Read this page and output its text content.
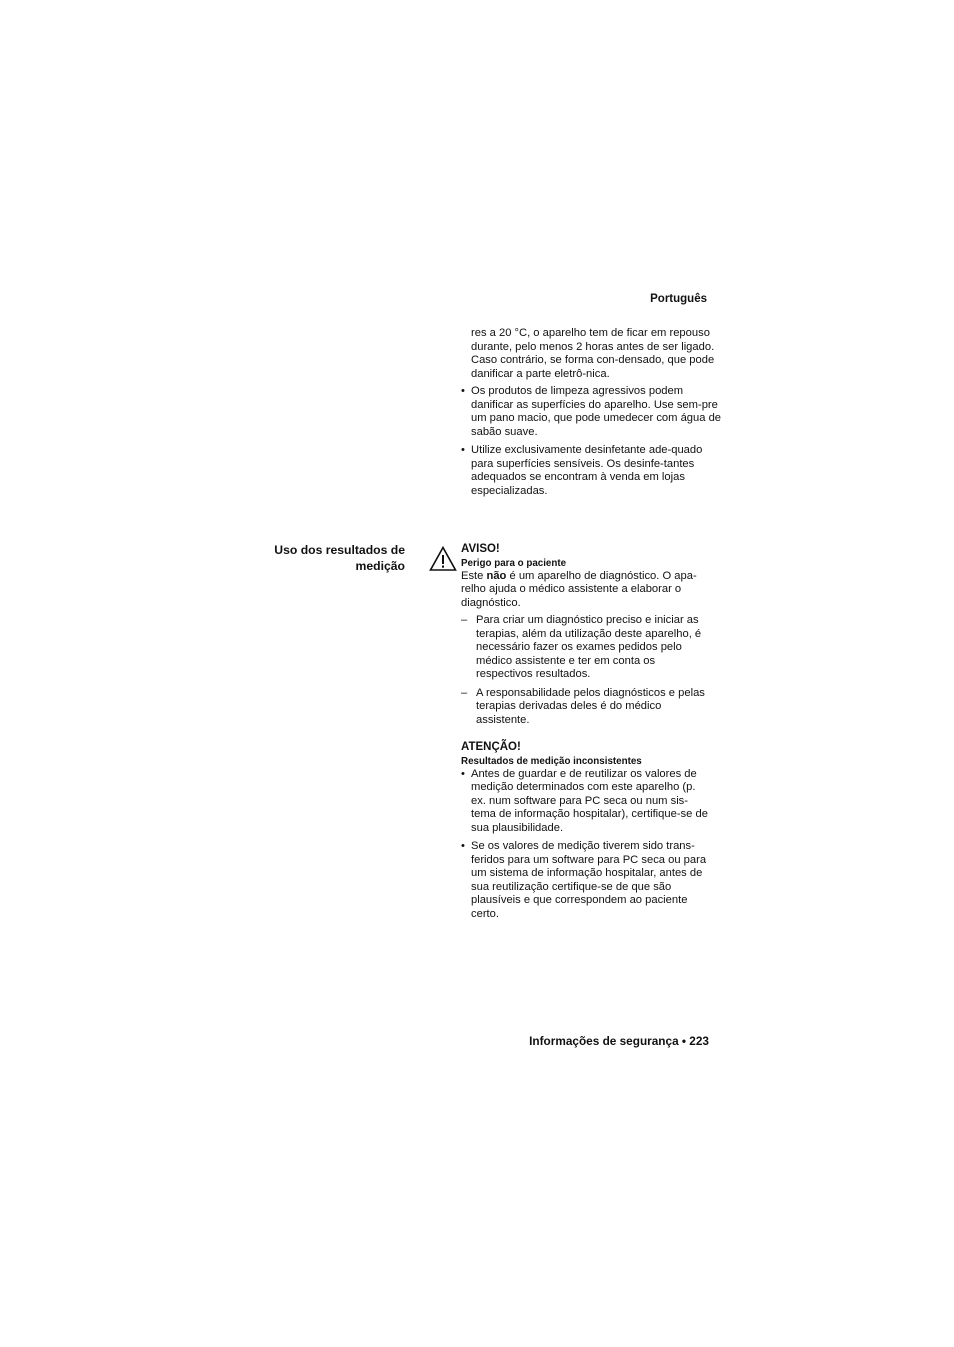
Português
res a 20 °C, o aparelho tem de ficar em repouso durante, pelo menos 2 horas antes de ser ligado. Caso contrário, se forma con-densado, que pode danificar a parte eletrô-nica.
• Os produtos de limpeza agressivos podem danificar as superfícies do aparelho. Use sem-pre um pano macio, que pode umedecer com água de sabão suave.
• Utilize exclusivamente desinfetante ade-quado para superfícies sensíveis. Os desinfe-tantes adequados se encontram à venda em lojas especializadas.
Uso dos resultados de medição
AVISO!
Perigo para o paciente
Este não é um aparelho de diagnóstico. O apa-relho ajuda o médico assistente a elaborar o diagnóstico.
– Para criar um diagnóstico preciso e iniciar as terapias, além da utilização deste aparelho, é necessário fazer os exames pedidos pelo médico assistente e ter em conta os respectivos resultados.
– A responsabilidade pelos diagnósticos e pelas terapias derivadas deles é do médico assistente.
ATENÇÃO!
Resultados de medição inconsistentes
• Antes de guardar e de reutilizar os valores de medição determinados com este aparelho (p. ex. num software para PC seca ou num sis-tema de informação hospitalar), certifique-se de sua plausibilidade.
• Se os valores de medição tiverem sido trans-feridos para um software para PC seca ou para um sistema de informação hospitalar, antes de sua reutilização certifique-se de que são plausíveis e que correspondem ao paciente certo.
Informações de segurança • 223
